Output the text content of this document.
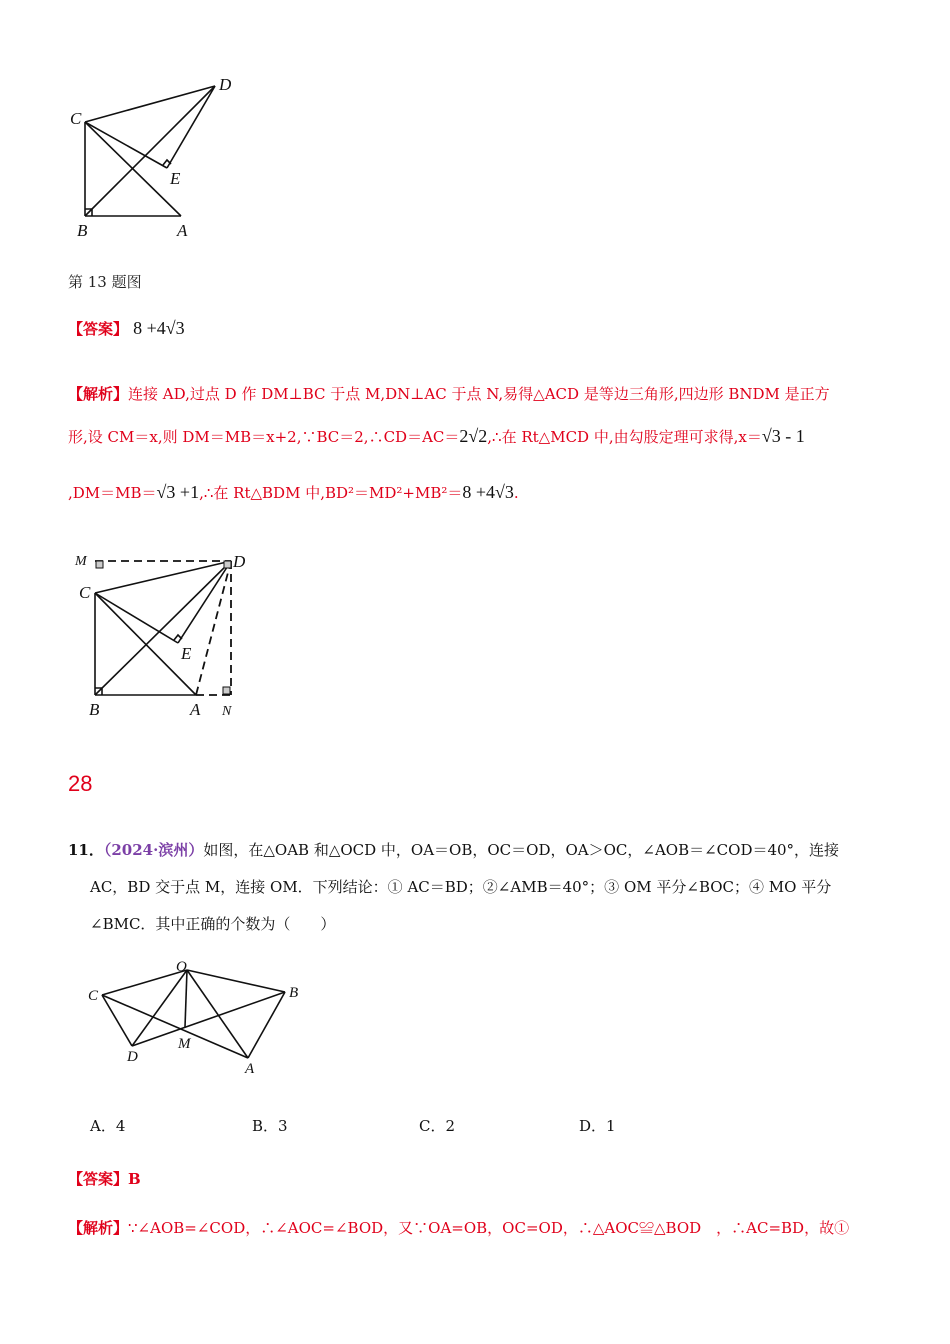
C
D
E
B	A
第 13 题图
【答案】 8 +4√3
【解析】连接 AD,过点 D 作 DM⊥BC 于点 M,DN⊥AC 于点 N,易得△ACD 是等边三角形,四边形 BNDM 是正方
形,设 CM＝x,则 DM＝MB＝x+2,∵BC＝2,∴CD＝AC＝2√2,∴在 Rt△MCD 中,由勾股定理可求得,x＝√3 - 1
,DM＝MB＝√3 +1,∴在 Rt△BDM 中,BD²＝MD²+MB²＝8 +4√3.
M	D
C
E
B	A N
28
11．（2024·滨州）如图，在△OAB 和△OCD 中，OA＝OB，OC＝OD，OA＞OC，∠AOB＝∠COD＝40°，连接
AC，BD 交于点 M，连接 OM．下列结论：① AC＝BD；②∠AMB＝40°；③ OM 平分∠BOC；④ MO 平分
∠BMC．其中正确的个数为（　　）
O
C	B
D
M
A
A．4	B．3	C．2	D．1
【答案】B
【解析】∵∠AOB=∠COD，∴∠AOC=∠BOD，又∵OA=OB，OC=OD，∴△AOC≌△BOD　，∴AC=BD，故①
